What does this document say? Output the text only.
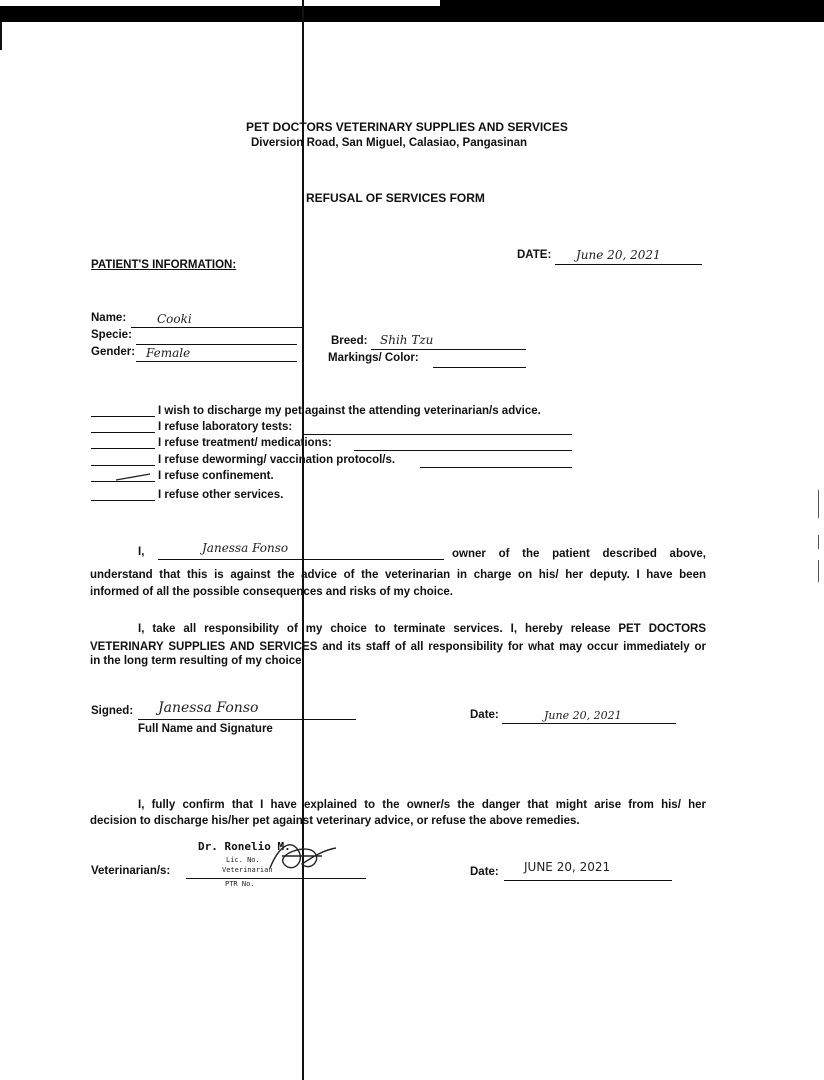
PET DOCTORS VETERINARY SUPPLIES AND SERVICES
Diversion Road, San Miguel, Calasiao, Pangasinan
REFUSAL OF SERVICES FORM
PATIENT'S INFORMATION:
DATE: June 20, 2021
Name:	Cooki
Specie:
Gender: Female
Breed: Shih Tzu
Markings/ Color:
I wish to discharge my pet against the attending veterinarian/s advice.
I refuse laboratory tests:
I refuse treatment/ medications:
I refuse deworming/ vaccination protocol/s.
I refuse confinement.
I refuse other services.
I,	Janessa Fonso	owner of the patient described above,
understand that this is against the advice of the veterinarian in charge on his/ her deputy. I have been
informed of all the possible consequences and risks of my choice.
I, take all responsibility of my choice to terminate services. I, hereby release PET DOCTORS
VETERINARY SUPPLIES AND SERVICES and its staff of all responsibility for what may occur immediately or
in the long term resulting of my choice.
Signed: Janessa Fonso
Full Name and Signature
Date:	June 20, 2021
I, fully confirm that I have explained to the owner/s the danger that might arise from his/ her
decision to discharge his/her pet against veterinary advice, or refuse the above remedies.
Veterinarian/s:
Dr. Ronelio M.
Lic. No.
Veterinarian
PTR No.
Date: JUNE 20, 2021
